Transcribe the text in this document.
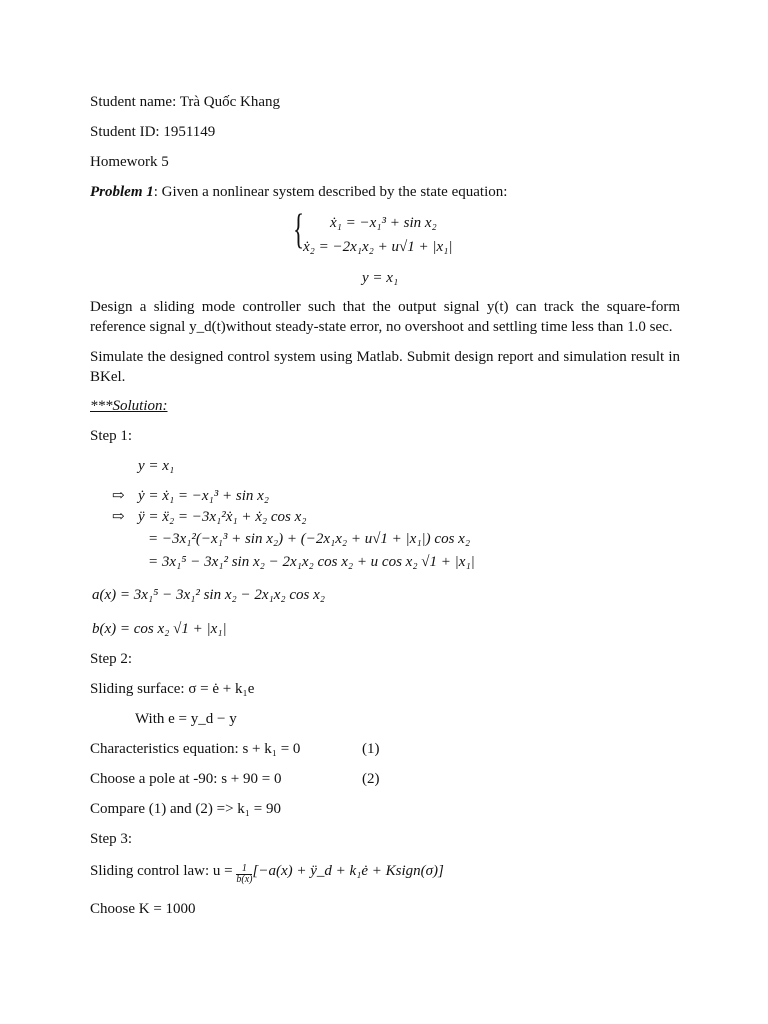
Student name: Trà Quốc Khang
Student ID: 1951149
Homework 5
Problem 1: Given a nonlinear system described by the state equation:
{ ẋ₁ = −x₁³ + sin x₂
ẋ₂ = −2x₁x₂ + u√1 + |x₁|
y = x₁
Design a sliding mode controller such that the output signal y(t) can track the square-form reference signal y_d(t)without steady-state error, no overshoot and settling time less than 1.0 sec.
Simulate the designed control system using Matlab. Submit design report and simulation result in BKel.
***Solution:
Step 1:
y = x₁
⇨ ẏ = ẋ₁ = −x₁³ + sin x₂
⇨ ÿ = ẍ₂ = −3x₁²ẋ₁ + ẋ₂ cos x₂
= −3x₁²(−x₁³ + sin x₂) + (−2x₁x₂ + u√1 + |x₁|) cos x₂
= 3x₁⁵ − 3x₁² sin x₂ − 2x₁x₂ cos x₂ + u cos x₂ √1 + |x₁|
a(x) = 3x₁⁵ − 3x₁² sin x₂ − 2x₁x₂ cos x₂
b(x) = cos x₂ √1 + |x₁|
Step 2:
Sliding surface: σ = ė + k₁e
With e = y_d − y
Characteristics equation: s + k₁ = 0	(1)
Choose a pole at -90: s + 90 = 0	(2)
Compare (1) and (2) => k₁ = 90
Step 3:
Sliding control law: $u = \frac{1}{b(x)} [-a(x)$ + ÿ_d + k₁ė + Ksign(σ)]
Choose K = 1000
